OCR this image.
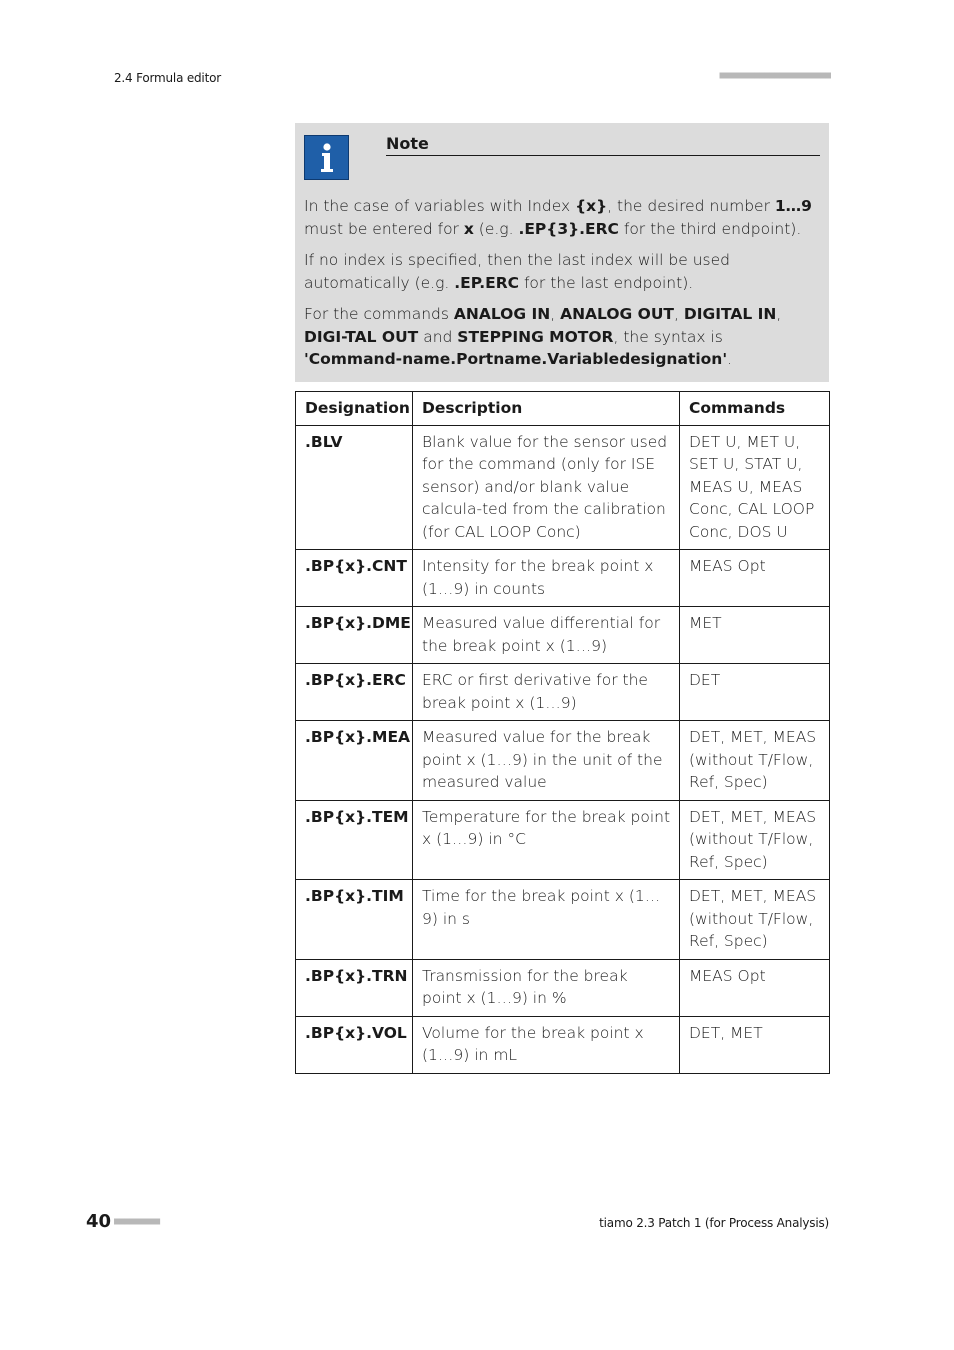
2.4 Formula editor	■■■■■■■■■■■■■■■■■■■■■■
Note

In the case of variables with Index {x}, the desired number 1…9 must be entered for x (e.g. .EP{3}.ERC for the third endpoint).

If no index is specified, then the last index will be used automatically (e.g. .EP.ERC for the last endpoint).

For the commands ANALOG IN, ANALOG OUT, DIGITAL IN, DIGI-TAL OUT and STEPPING MOTOR, the syntax is 'Command-name.Portname.Variabledesignation'.

Designation	Description	Commands
.BLV	Blank value for the sensor used for the command (only for ISE sensor) and/or blank value calcula-ted from the calibration (for CAL LOOP Conc)	DET U, MET U, SET U, STAT U, MEAS U, MEAS Conc, CAL LOOP Conc, DOS U
.BP{x}.CNT	Intensity for the break point x (1…9) in counts	MEAS Opt
.BP{x}.DME	Measured value differential for the break point x (1…9)	MET
.BP{x}.ERC	ERC or first derivative for the break point x (1…9)	DET
.BP{x}.MEA	Measured value for the break point x (1…9) in the unit of the measured value	DET, MET, MEAS (without T/Flow, Ref, Spec)
.BP{x}.TEM	Temperature for the break point x (1…9) in °C	DET, MET, MEAS (without T/Flow, Ref, Spec)
.BP{x}.TIM	Time for the break point x (1…9) in s	DET, MET, MEAS (without T/Flow, Ref, Spec)
.BP{x}.TRN	Transmission for the break point x (1…9) in %	MEAS Opt
.BP{x}.VOL	Volume for the break point x (1…9) in mL	DET, MET
40 ■■■■■■■■■	tiamo 2.3 Patch 1 (for Process Analysis)
